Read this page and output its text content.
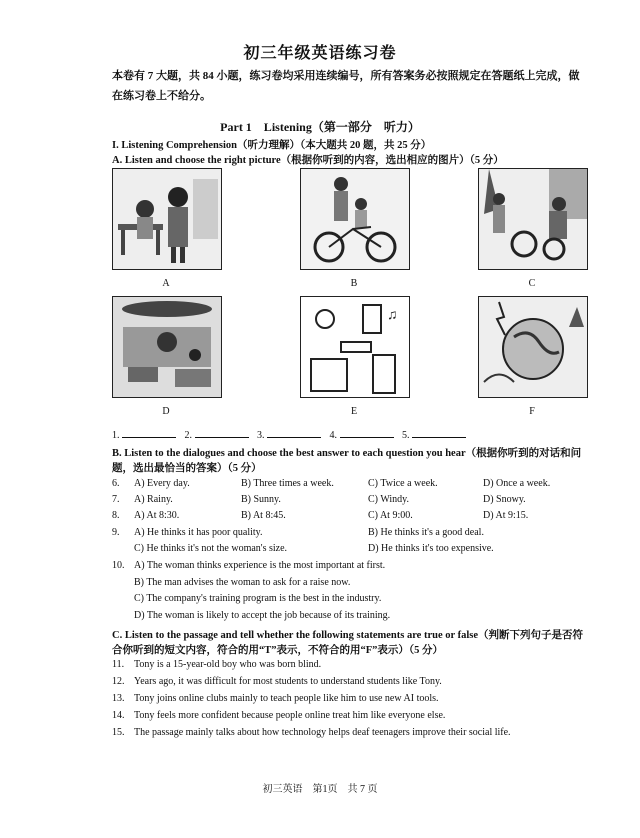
初三年级英语练习卷
本卷有 7 大题，共 84 小题，练习卷均采用连续编号，所有答案务必按照规定在答题纸上完成，做在练习卷上不给分。
Part 1　Listening（第一部分　听力）
I. Listening Comprehension（听力理解）（本大题共 20 题，共 25 分）
A. Listen and choose the right picture（根据你听到的内容，选出相应的图片）（5 分）
A	B	C
♫
D	E	F
1.	2.	3.	4.	5.
B. Listen to the dialogues and choose the best answer to each question you hear（根据你听到的对话和问
题，选出最恰当的答案）（5 分）
6. A) Every day.	B) Three times a week.	C) Twice a week.	D) Once a week.
7. A) Rainy.	B) Sunny.	C) Windy.	D) Snowy.
8. A) At 8:30.	B) At 8:45.	C) At 9:00.	D) At 9:15.
9. A) He thinks it has poor quality.	B) He thinks it's a good deal.
C) He thinks it's not the woman's size.	D) He thinks it's too expensive.
10. A) The woman thinks experience is the most important at first.
B) The man advises the woman to ask for a raise now.
C) The company's training program is the best in the industry.
D) The woman is likely to accept the job because of its training.
C. Listen to the passage and tell whether the following statements are true or false（判断下列句子是否符
合你听到的短文内容，符合的用“T”表示，不符合的用“F”表示）（5 分）
11. Tony is a 15-year-old boy who was born blind.
12. Years ago, it was difficult for most students to understand students like Tony.
13. Tony joins online clubs mainly to teach people like him to use new AI tools.
14. Tony feels more confident because people online treat him like everyone else.
15. The passage mainly talks about how technology helps deaf teenagers improve their social life.
初三英语　第1页　共 7 页
